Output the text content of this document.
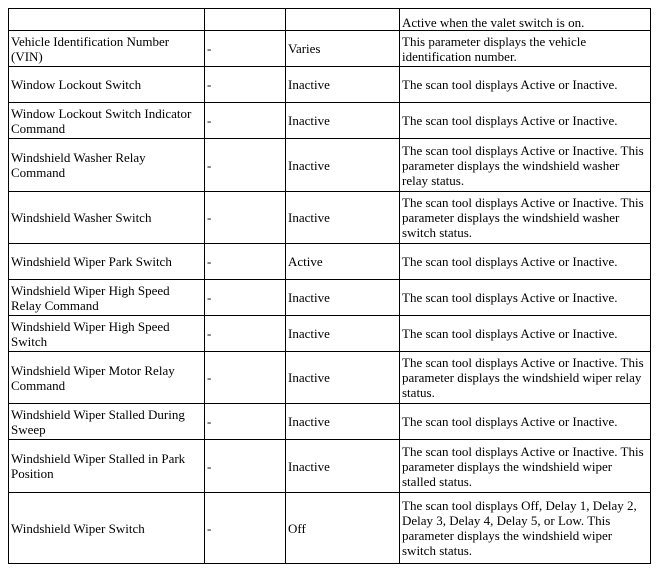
			Active when the valet switch is on.
Vehicle Identification Number (VIN)	-	Varies	This parameter displays the vehicle identification number.
Window Lockout Switch	-	Inactive	The scan tool displays Active or Inactive.
Window Lockout Switch Indicator Command	-	Inactive	The scan tool displays Active or Inactive.
Windshield Washer Relay Command	-	Inactive	The scan tool displays Active or Inactive. This parameter displays the windshield washer relay status.
Windshield Washer Switch	-	Inactive	The scan tool displays Active or Inactive. This parameter displays the windshield washer switch status.
Windshield Wiper Park Switch	-	Active	The scan tool displays Active or Inactive.
Windshield Wiper High Speed Relay Command	-	Inactive	The scan tool displays Active or Inactive.
Windshield Wiper High Speed Switch	-	Inactive	The scan tool displays Active or Inactive.
Windshield Wiper Motor Relay Command	-	Inactive	The scan tool displays Active or Inactive. This parameter displays the windshield wiper relay status.
Windshield Wiper Stalled During Sweep	-	Inactive	The scan tool displays Active or Inactive.
Windshield Wiper Stalled in Park Position	-	Inactive	The scan tool displays Active or Inactive. This parameter displays the windshield wiper stalled status.
Windshield Wiper Switch	-	Off	The scan tool displays Off, Delay 1, Delay 2, Delay 3, Delay 4, Delay 5, or Low. This parameter displays the windshield wiper switch status.
